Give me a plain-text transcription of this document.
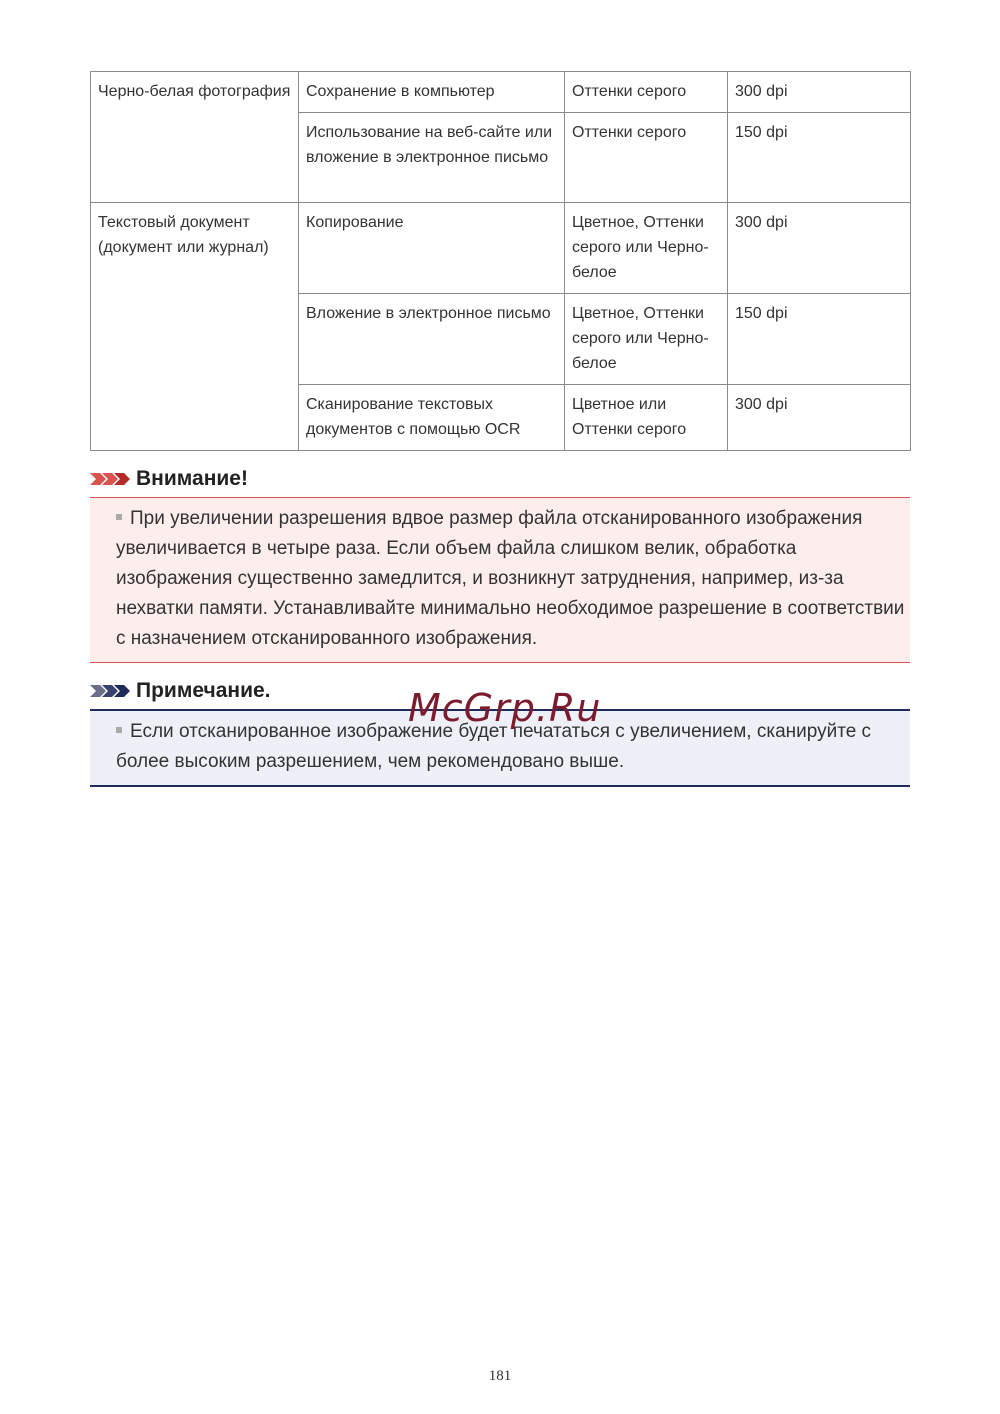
Черно-белая фотография	Сохранение в компьютер	Оттенки серого	300 dpi
	Использование на веб-сайте или вложение в электронное письмо	Оттенки серого	150 dpi
Текстовый документ (документ или журнал)	Копирование	Цветное, Оттенки серого или Черно-белое	300 dpi
	Вложение в электронное письмо	Цветное, Оттенки серого или Черно-белое	150 dpi
	Сканирование текстовых документов с помощью OCR	Цветное или Оттенки серого	300 dpi
Внимание!

При увеличении разрешения вдвое размер файла отсканированного изображения увеличивается в четыре раза. Если объем файла слишком велик, обработка изображения существенно замедлится, и возникнут затруднения, например, из-за нехватки памяти. Устанавливайте минимально необходимое разрешение в соответствии с назначением отсканированного изображения.

Примечание.

Если отсканированное изображение будет печататься с увеличением, сканируйте с более высоким разрешением, чем рекомендовано выше.

McGrp.Ru
181
